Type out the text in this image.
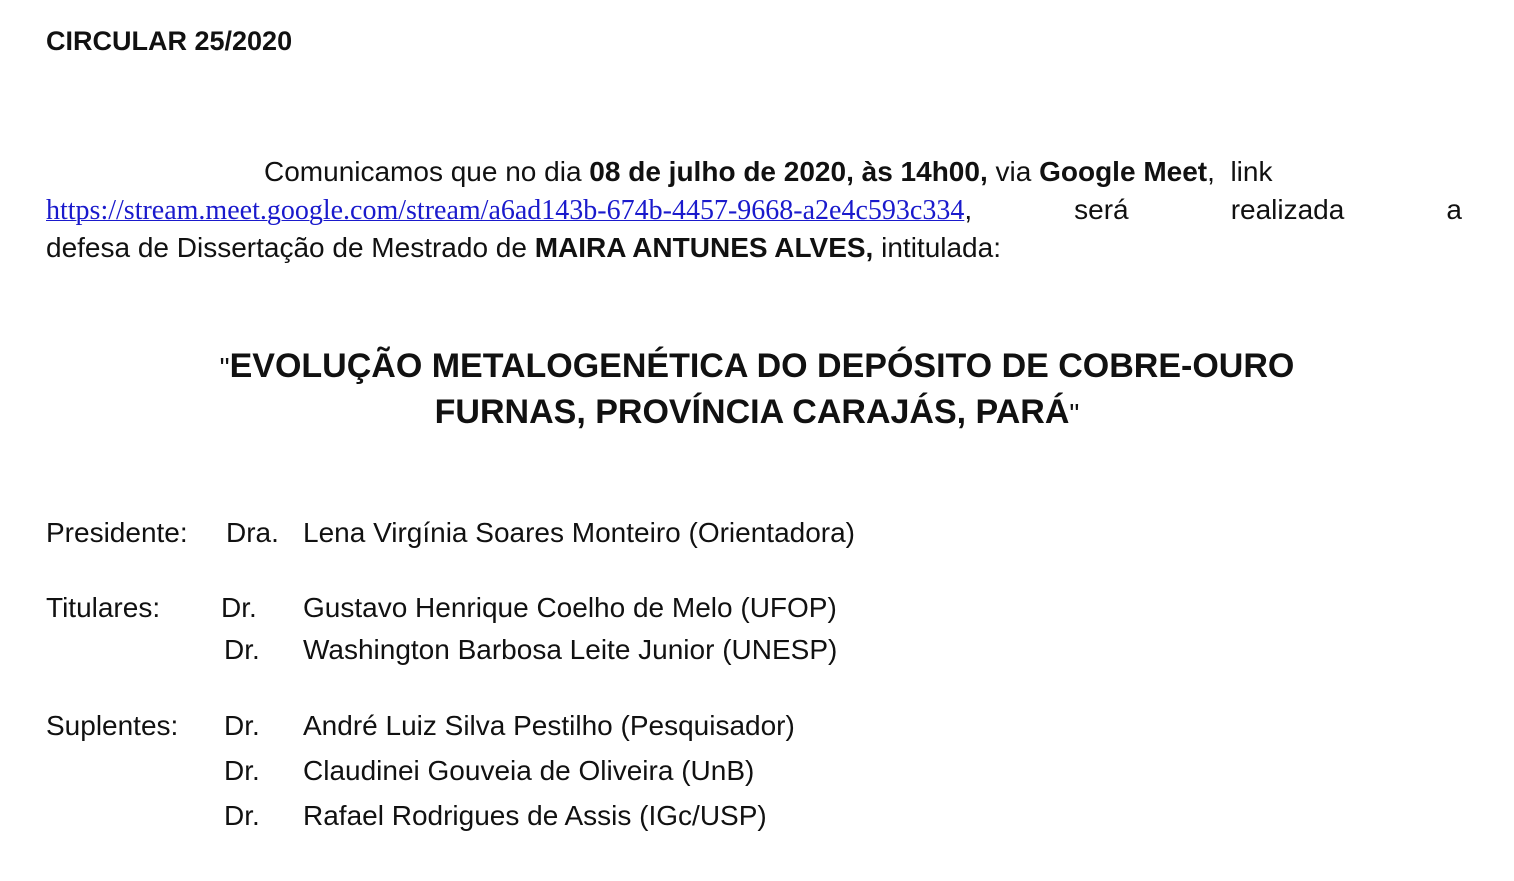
CIRCULAR 25/2020
Comunicamos que no dia 08 de julho de 2020, às 14h00, via Google Meet,  link
https://stream.meet.google.com/stream/a6ad143b-674b-4457-9668-a2e4c593c334,	será	realizada	a
defesa de Dissertação de Mestrado de MAIRA ANTUNES ALVES, intitulada:
"EVOLUÇÃO METALOGENÉTICA DO DEPÓSITO DE COBRE-OURO
FURNAS, PROVÍNCIA CARAJÁS, PARÁ"
Presidente: Dra. Lena Virgínia Soares Monteiro (Orientadora)
Titulares: Dr. Gustavo Henrique Coelho de Melo (UFOP)
Dr. Washington Barbosa Leite Junior (UNESP)
Suplentes: Dr. André Luiz Silva Pestilho (Pesquisador)
Dr. Claudinei Gouveia de Oliveira (UnB)
Dr. Rafael Rodrigues de Assis (IGc/USP)
